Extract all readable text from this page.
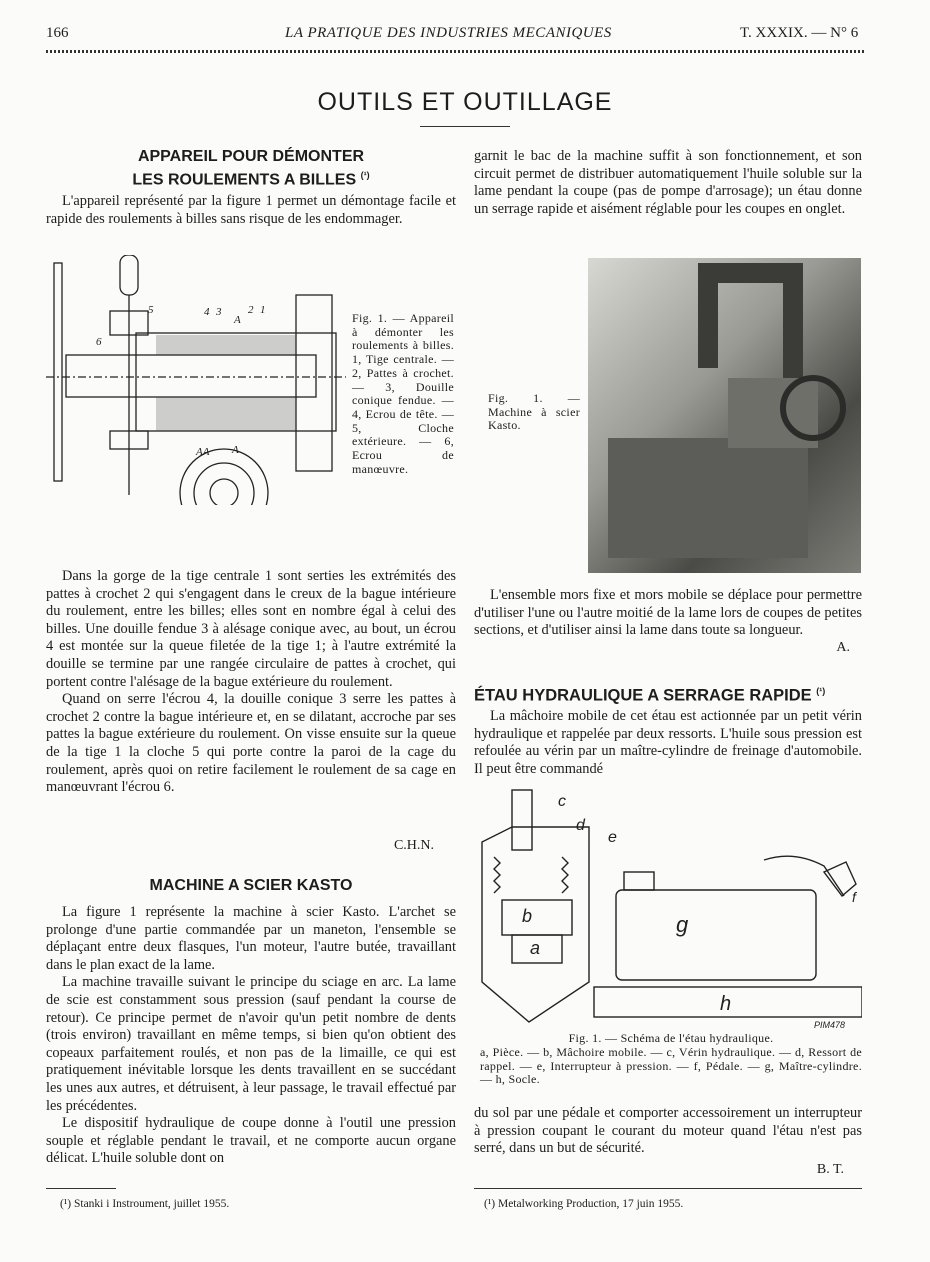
166	LA PRATIQUE DES INDUSTRIES MECANIQUES	T. XXXIX. — N° 6
OUTILS ET OUTILLAGE
APPAREIL POUR DÉMONTER
LES ROULEMENTS A BILLES $^{(^1)}$

L'appareil représenté par la figure 1 permet un démontage facile et rapide des roulements à billes sans risque de les endommager.

5	4 3 2 1
6
AA
A
A
Fig. 1. — Appareil à démonter les roulements à billes. 1, Tige centrale. — 2, Pattes à crochet. — 3, Douille conique fendue. — 4, Ecrou de tête. — 5, Cloche extérieure. — 6, Ecrou de manœuvre.

Dans la gorge de la tige centrale 1 sont serties les extrémités des pattes à crochet 2 qui s'engagent dans le creux de la bague intérieure du roulement, entre les billes; elles sont en nombre égal à celui des billes. Une douille fendue 3 à alésage conique avec, au bout, un écrou 4 est montée sur la queue filetée de la tige 1; à l'autre extrémité la douille se termine par une rangée circulaire de pattes à crochet, qui portent contre l'alésage de la bague extérieure du roulement.

Quand on serre l'écrou 4, la douille conique 3 serre les pattes à crochet 2 contre la bague intérieure et, en se dilatant, accroche par ses pattes la bague extérieure du roulement. On visse ensuite sur la queue de la tige 1 la cloche 5 qui porte contre la paroi de la cage du roulement, après quoi on retire facilement le roulement de sa cage en manœuvrant l'écrou 6.

C.H.N.
MACHINE A SCIER KASTO

La figure 1 représente la machine à scier Kasto. L'archet se prolonge d'une partie commandée par un maneton, l'ensemble se déplaçant entre deux flasques, l'un moteur, l'autre butée, travaillant dans le plan exact de la lame.

La machine travaille suivant le principe du sciage en arc. La lame de scie est constamment sous pression (sauf pendant la course de retour). Ce principe permet de n'avoir qu'un petit nombre de dents (trois environ) travaillant en même temps, si bien qu'on obtient des copeaux parfaitement roulés, et non pas de la limaille, ce qui est pratiquement inévitable lorsque les dents travaillent en se succédant les unes aux autres, et détruisent, à leur passage, le travail effectué par les précédentes.

Le dispositif hydraulique de coupe donne à l'outil une pression souple et réglable pendant le travail, et ne comporte aucun organe délicat. L'huile soluble dont on

garnit le bac de la machine suffit à son fonctionnement, et son circuit permet de distribuer automatiquement l'huile soluble sur la lame pendant la coupe (pas de pompe d'arrosage); un étau donne un serrage rapide et aisément réglable pour les coupes en onglet.

Fig. 1. — Machine à scier Kasto.

L'ensemble mors fixe et mors mobile se déplace pour permettre d'utiliser l'une ou l'autre moitié de la lame lors de coupes de petites sections, et d'utiliser ainsi la lame dans toute sa longueur.

A.
ÉTAU HYDRAULIQUE A SERRAGE RAPIDE $^{(^1)}$

La mâchoire mobile de cet étau est actionnée par un petit vérin hydraulique et rappelée par deux ressorts. L'huile sous pression est refoulée au vérin par un maître-cylindre de freinage d'automobile. Il peut être commandé

c
d
e
f
b
a
g
h
PIM478
Fig. 1. — Schéma de l'étau hydraulique.
a, Pièce. — b, Mâchoire mobile. — c, Vérin hydraulique. — d, Ressort de rappel. — e, Interrupteur à pression. — f, Pédale. — g, Maître-cylindre. — h, Socle.

du sol par une pédale et comporter accessoirement un interrupteur à pression coupant le courant du moteur quand l'étau n'est pas serré, dans un but de sécurité.

B. T.
(¹) Stanki i Instroument, juillet 1955.	(¹) Metalworking Production, 17 juin 1955.
